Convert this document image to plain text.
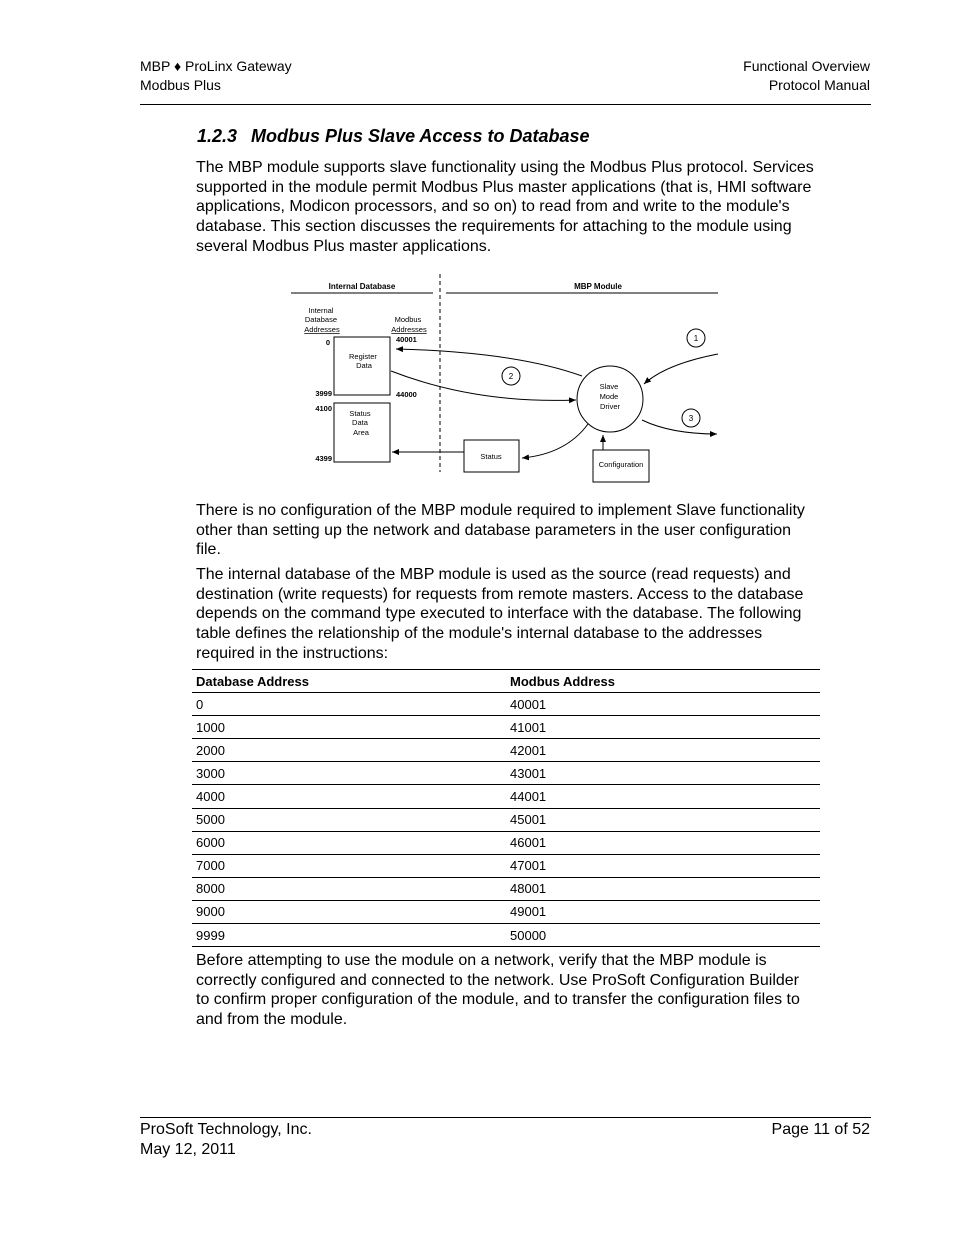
MBP ♦ ProLinx Gateway
Modbus Plus
Functional Overview
Protocol Manual
1.2.3 Modbus Plus Slave Access to Database
The MBP module supports slave functionality using the Modbus Plus protocol. Services supported in the module permit Modbus Plus master applications (that is, HMI software applications, Modicon processors, and so on) to read from and write to the module's database. This section discusses the requirements for attaching to the module using several Modbus Plus master applications.
Internal Database	MBP Module
Internal Database Addresses
Modbus Addresses
Register Data
Status Data Area
0
3999
4100
4399
40001
44000
Slave Mode Driver
Status
Configuration
1
2
3
There is no configuration of the MBP module required to implement Slave functionality other than setting up the network and database parameters in the user configuration file.
The internal database of the MBP module is used as the source (read requests) and destination (write requests) for requests from remote masters. Access to the database depends on the command type executed to interface with the database. The following table defines the relationship of the module's internal database to the addresses required in the instructions:
Database Address	Modbus Address
0	40001
1000	41001
2000	42001
3000	43001
4000	44001
5000	45001
6000	46001
7000	47001
8000	48001
9000	49001
9999	50000
Before attempting to use the module on a network, verify that the MBP module is correctly configured and connected to the network. Use ProSoft Configuration Builder to confirm proper configuration of the module, and to transfer the configuration files to and from the module.
ProSoft Technology, Inc.
May 12, 2011
Page 11 of 52
